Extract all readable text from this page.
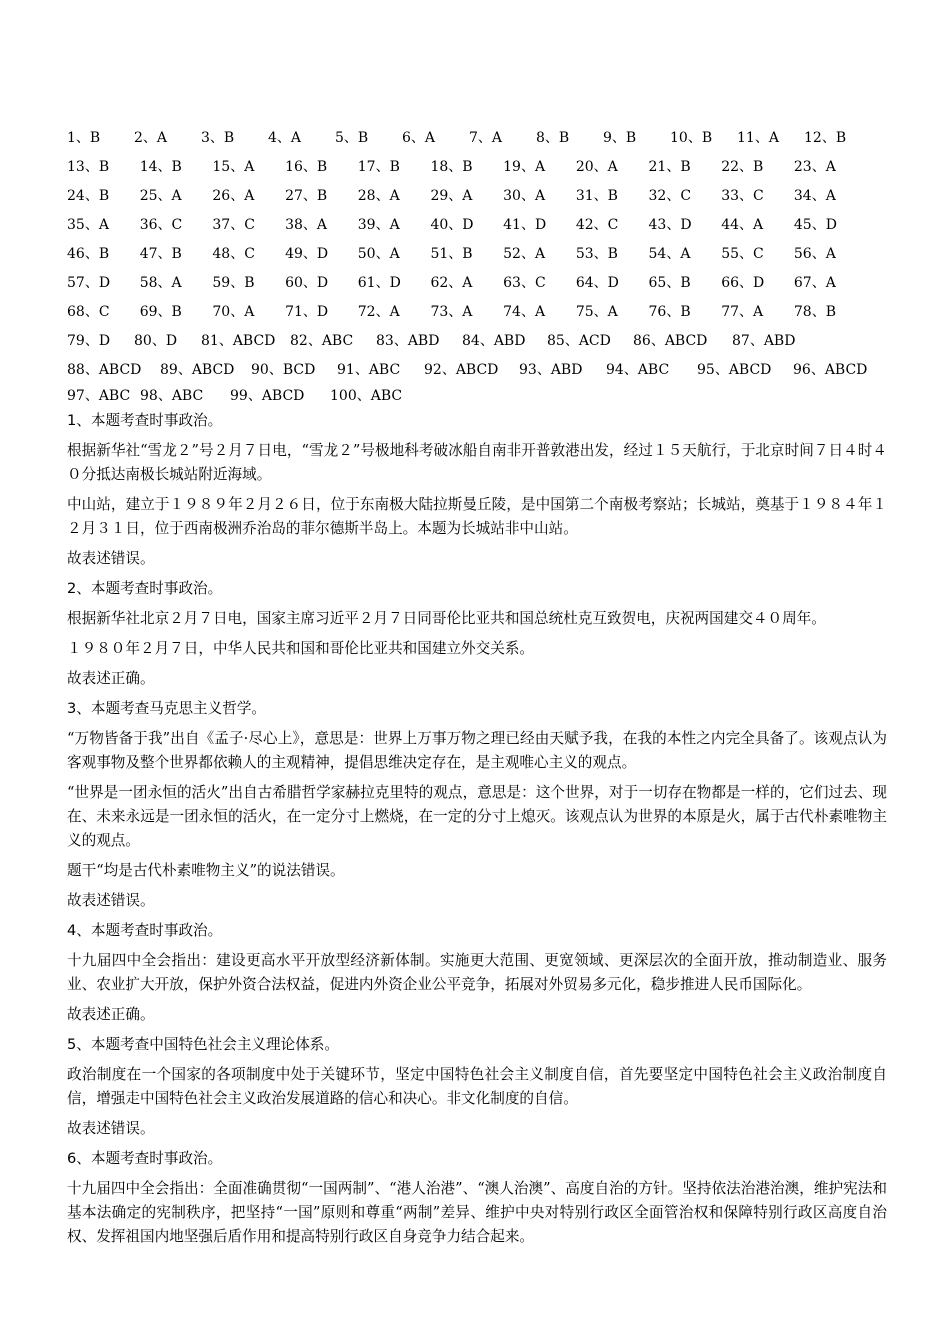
1、B	2、A	3、B	4、A	5、B	6、A	7、A	8、B	9、B	10、B	11、A	12、B
13、B	14、B	15、A	16、B	17、B	18、B	19、A	20、A	21、B	22、B	23、A
24、B	25、A	26、A	27、B	28、A	29、A	30、A	31、B	32、C	33、C	34、A
35、A	36、C	37、C	38、A	39、A	40、D	41、D	42、C	43、D	44、A	45、D
46、B	47、B	48、C	49、D	50、A	51、B	52、A	53、B	54、A	55、C	56、A
57、D	58、A	59、B	60、D	61、D	62、A	63、C	64、D	65、B	66、D	67、A
68、C	69、B	70、A	71、D	72、A	73、A	74、A	75、A	76、B	77、A	78、B
79、D	80、D	81、ABCD	82、ABC	83、ABD	84、ABD	85、ACD	86、ABCD	87、ABD
88、ABCD	89、ABCD	90、BCD	91、ABC	92、ABCD	93、ABD	94、ABC	95、ABCD	96、ABCD
97、ABC 98、ABC	99、ABCD	100、ABC
1、本题考查时事政治。
根据新华社“雪龙２”号２月７日电，“雪龙２”号极地科考破冰船自南非开普敦港出发，经过１５天航行，于北京时间７日４时４０分抵达南极长城站附近海域。
中山站，建立于１９８９年２月２６日，位于东南极大陆拉斯曼丘陵，是中国第二个南极考察站；长城站，奠基于１９８４年１２月３１日，位于西南极洲乔治岛的菲尔德斯半岛上。本题为长城站非中山站。
故表述错误。
2、本题考查时事政治。
根据新华社北京２月７日电，国家主席习近平２月７日同哥伦比亚共和国总统杜克互致贺电，庆祝两国建交４０周年。
１９８０年２月７日，中华人民共和国和哥伦比亚共和国建立外交关系。
故表述正确。
3、本题考查马克思主义哲学。
“万物皆备于我”出自《孟子·尽心上》，意思是：世界上万事万物之理已经由天赋予我，在我的本性之内完全具备了。该观点认为客观事物及整个世界都依赖人的主观精神，提倡思维决定存在，是主观唯心主义的观点。
“世界是一团永恒的活火”出自古希腊哲学家赫拉克里特的观点，意思是：这个世界，对于一切存在物都是一样的，它们过去、现在、未来永远是一团永恒的活火，在一定分寸上燃烧，在一定的分寸上熄灭。该观点认为世界的本原是火，属于古代朴素唯物主义的观点。
题干“均是古代朴素唯物主义”的说法错误。
故表述错误。
4、本题考查时事政治。
十九届四中全会指出：建设更高水平开放型经济新体制。实施更大范围、更宽领域、更深层次的全面开放，推动制造业、服务业、农业扩大开放，保护外资合法权益，促进内外资企业公平竞争，拓展对外贸易多元化，稳步推进人民币国际化。
故表述正确。
5、本题考查中国特色社会主义理论体系。
政治制度在一个国家的各项制度中处于关键环节，坚定中国特色社会主义制度自信，首先要坚定中国特色社会主义政治制度自信，增强走中国特色社会主义政治发展道路的信心和决心。非文化制度的自信。
故表述错误。
6、本题考查时事政治。
十九届四中全会指出：全面准确贯彻“一国两制”、“港人治港”、“澳人治澳”、高度自治的方针。坚持依法治港治澳，维护宪法和基本法确定的宪制秩序，把坚持“一国”原则和尊重“两制”差异、维护中央对特别行政区全面管治权和保障特别行政区高度自治权、发挥祖国内地坚强后盾作用和提高特别行政区自身竞争力结合起来。
